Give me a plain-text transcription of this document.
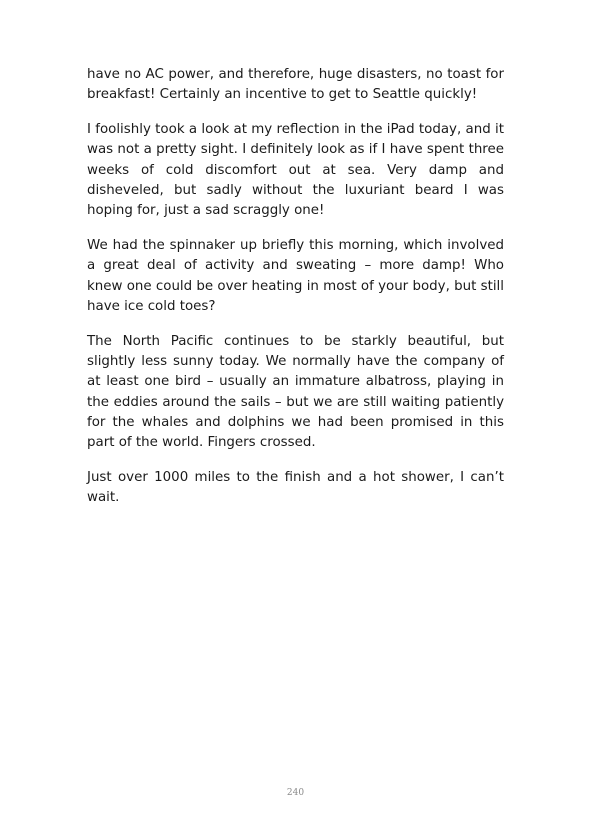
have no AC power, and therefore, huge disasters, no toast for breakfast! Certainly an incentive to get to Seattle quickly!

I foolishly took a look at my reflection in the iPad today, and it was not a pretty sight. I definitely look as if I have spent three weeks of cold discomfort out at sea. Very damp and disheveled, but sadly without the luxuriant beard I was hoping for, just a sad scraggly one!

We had the spinnaker up briefly this morning, which involved a great deal of activity and sweating – more damp! Who knew one could be over heating in most of your body, but still have ice cold toes?

The North Pacific continues to be starkly beautiful, but slightly less sunny today. We normally have the company of at least one bird – usually an immature albatross, playing in the eddies around the sails – but we are still waiting patiently for the whales and dolphins we had been promised in this part of the world. Fingers crossed.

Just over 1000 miles to the finish and a hot shower, I can’t wait.

240
